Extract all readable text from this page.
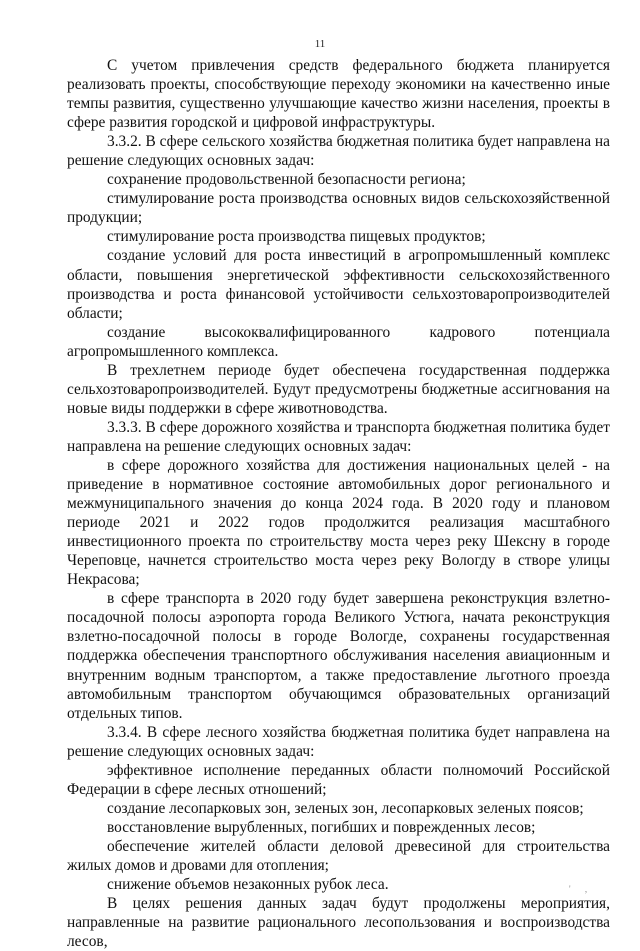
11

С учетом привлечения средств федерального бюджета планируется реализовать проекты, способствующие переходу экономики на качественно иные темпы развития, существенно улучшающие качество жизни населения, проекты в сфере развития городской и цифровой инфраструктуры.

3.3.2. В сфере сельского хозяйства бюджетная политика будет направлена на решение следующих основных задач:

сохранение продовольственной безопасности региона;

стимулирование роста производства основных видов сельскохозяйственной продукции;

стимулирование роста производства пищевых продуктов;

создание условий для роста инвестиций в агропромышленный комплекс области, повышения энергетической эффективности сельскохозяйственного производства и роста финансовой устойчивости сельхозтоваропроизводителей области;

создание высококвалифицированного кадрового потенциала агропромышленного комплекса.

В трехлетнем периоде будет обеспечена государственная поддержка сельхозтоваропроизводителей. Будут предусмотрены бюджетные ассигнования на новые виды поддержки в сфере животноводства.

3.3.3. В сфере дорожного хозяйства и транспорта бюджетная политика будет направлена на решение следующих основных задач:

в сфере дорожного хозяйства для достижения национальных целей - на приведение в нормативное состояние автомобильных дорог регионального и межмуниципального значения до конца 2024 года. В 2020 году и плановом периоде 2021 и 2022 годов продолжится реализация масштабного инвестиционного проекта по строительству моста через реку Шексну в городе Череповце, начнется строительство моста через реку Вологду в створе улицы Некрасова;

в сфере транспорта в 2020 году будет завершена реконструкция взлетно-посадочной полосы аэропорта города Великого Устюга, начата реконструкция взлетно-посадочной полосы в городе Вологде, сохранены государственная поддержка обеспечения транспортного обслуживания населения авиационным и внутренним водным транспортом, а также предоставление льготного проезда автомобильным транспортом обучающимся образовательных организаций отдельных типов.

3.3.4. В сфере лесного хозяйства бюджетная политика будет направлена на решение следующих основных задач:

эффективное исполнение переданных области полномочий Российской Федерации в сфере лесных отношений;

создание лесопарковых зон, зеленых зон, лесопарковых зеленых поясов;

восстановление вырубленных, погибших и поврежденных лесов;

обеспечение жителей области деловой древесиной для строительства жилых домов и дровами для отопления;

снижение объемов незаконных рубок леса.

В целях решения данных задач будут продолжены мероприятия, направленные на развитие рационального лесопользования и воспроизводства лесов,

' ,
